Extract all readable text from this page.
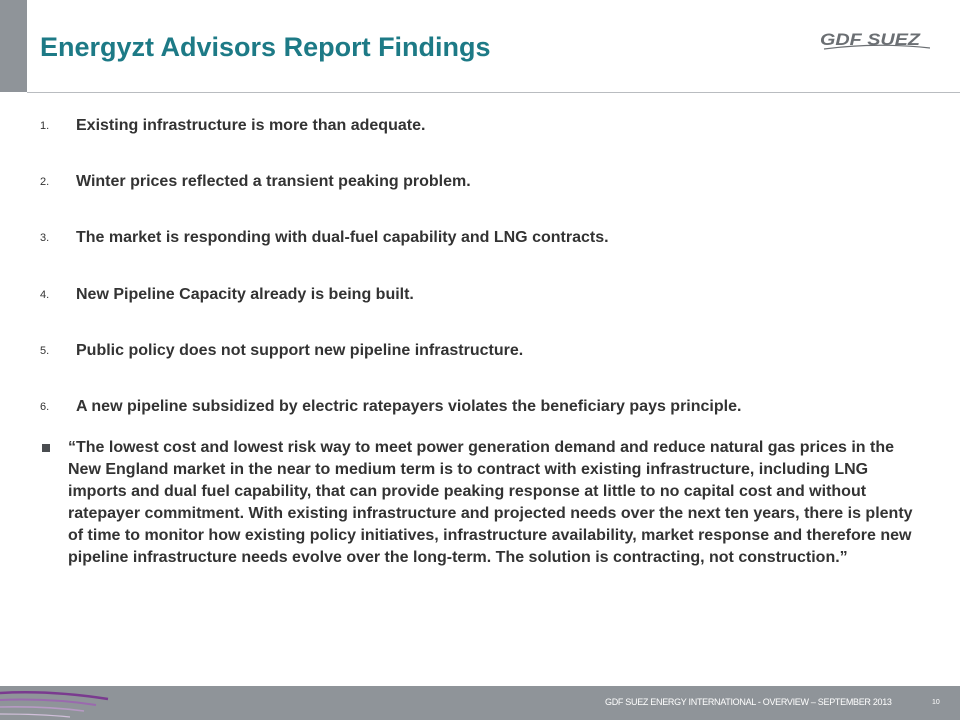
Energyzt Advisors Report Findings	GDF SUEZ
1.	Existing infrastructure is more than adequate.
2.	Winter prices reflected a transient peaking problem.
3.	The market is responding with dual-fuel capability and LNG contracts.
4.	New Pipeline Capacity already is being built.
5.	Public policy does not support new pipeline infrastructure.
6.	A new pipeline subsidized by electric ratepayers violates the beneficiary pays principle.

“The lowest cost and lowest risk way to meet power generation demand and reduce natural gas prices in the New England market in the near to medium term is to contract with existing infrastructure, including LNG imports and dual fuel capability, that can provide peaking response at little to no capital cost and without ratepayer commitment. With existing infrastructure and projected needs over the next ten years, there is plenty of time to monitor how existing policy initiatives, infrastructure availability, market response and therefore new pipeline infrastructure needs evolve over the long-term. The solution is contracting, not construction.”

GDF SUEZ ENERGY INTERNATIONAL - OVERVIEW – SEPTEMBER 2013	10
